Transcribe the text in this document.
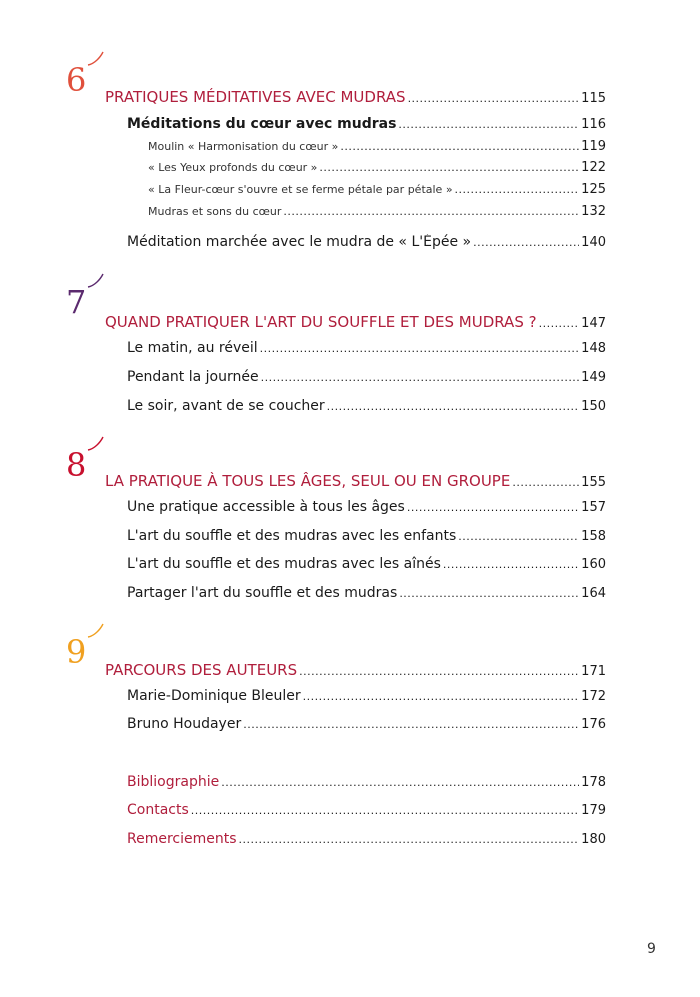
6 PRATIQUES MÉDITATIVES AVEC MUDRAS .....	115
Méditations du cœur avec mudras .....	116
Moulin « Harmonisation du cœur » .....	119
« Les Yeux profonds du cœur » .....	122
« La Fleur-cœur s'ouvre et se ferme pétale par pétale » .....	125
Mudras et sons du cœur .....	132
Méditation marchée avec le mudra de « L'Épée » .....	140
7
QUAND PRATIQUER L'ART DU SOUFFLE ET DES MUDRAS ? .....	147
Le matin, au réveil .....	148
Pendant la journée .....	149
Le soir, avant de se coucher .....	150
8 LA PRATIQUE À TOUS LES ÂGES, SEUL OU EN GROUPE .....	155
Une pratique accessible à tous les âges .....	157
L'art du souffle et des mudras avec les enfants .....	158
L'art du souffle et des mudras avec les aînés .....	160
Partager l'art du souffle et des mudras .....	164
9 PARCOURS DES AUTEURS .....	171
Marie-Dominique Bleuler .....	172
Bruno Houdayer .....	176
Bibliographie .....	178
Contacts .....	179
Remerciements .....	180
9
